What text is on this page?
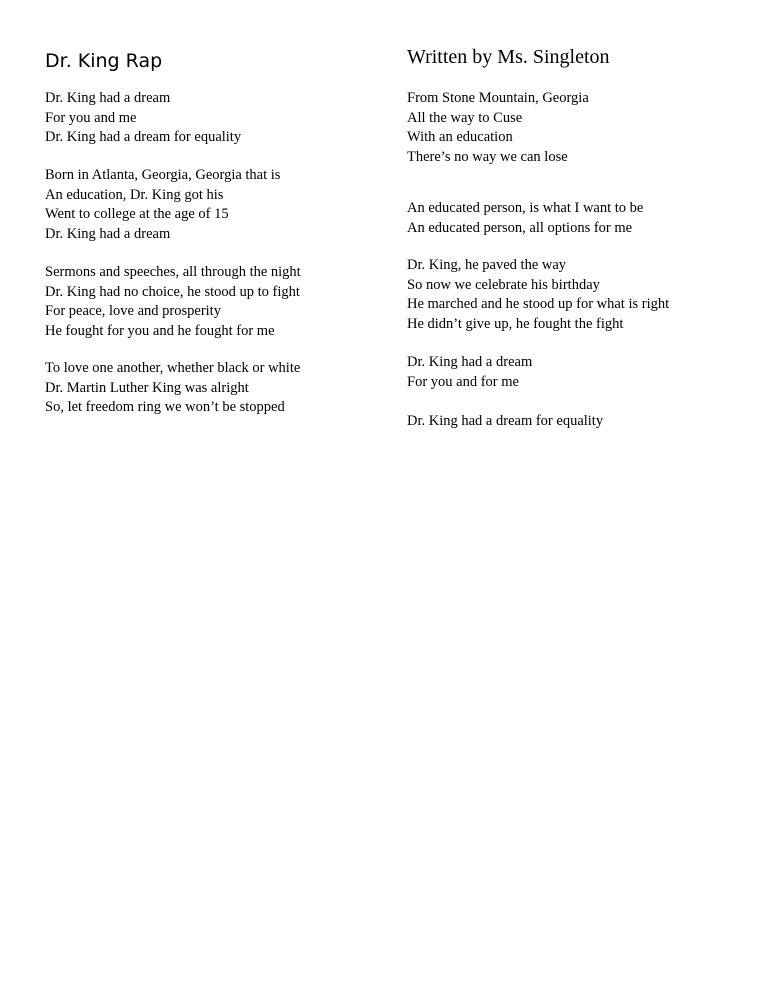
Dr. King Rap

Dr. King had a dream
For you and me
Dr. King had a dream for equality

Born in Atlanta, Georgia, Georgia that is
An education, Dr. King got his
Went to college at the age of 15
Dr. King had a dream

Sermons and speeches, all through the night
Dr. King had no choice, he stood up to fight
For peace, love and prosperity
He fought for you and he fought for me

To love one another, whether black or white
Dr. Martin Luther King was alright
So, let freedom ring we won’t be stopped

Written by Ms. Singleton

From Stone Mountain, Georgia
All the way to Cuse
With an education
There’s no way we can lose

An educated person, is what I want to be
An educated person, all options for me

Dr. King, he paved the way
So now we celebrate his birthday
He marched and he stood up for what is right
He didn’t give up, he fought the fight

Dr. King had a dream
For you and for me

Dr. King had a dream for equality
